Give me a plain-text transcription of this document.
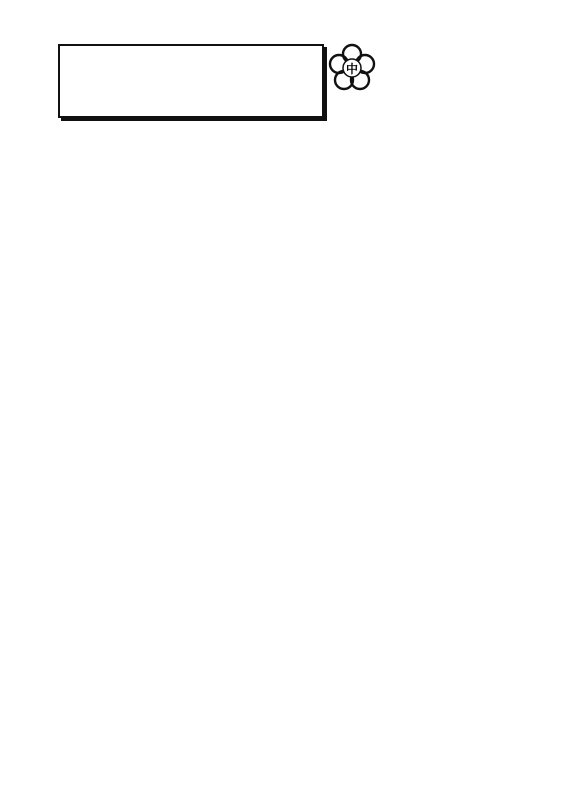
中
